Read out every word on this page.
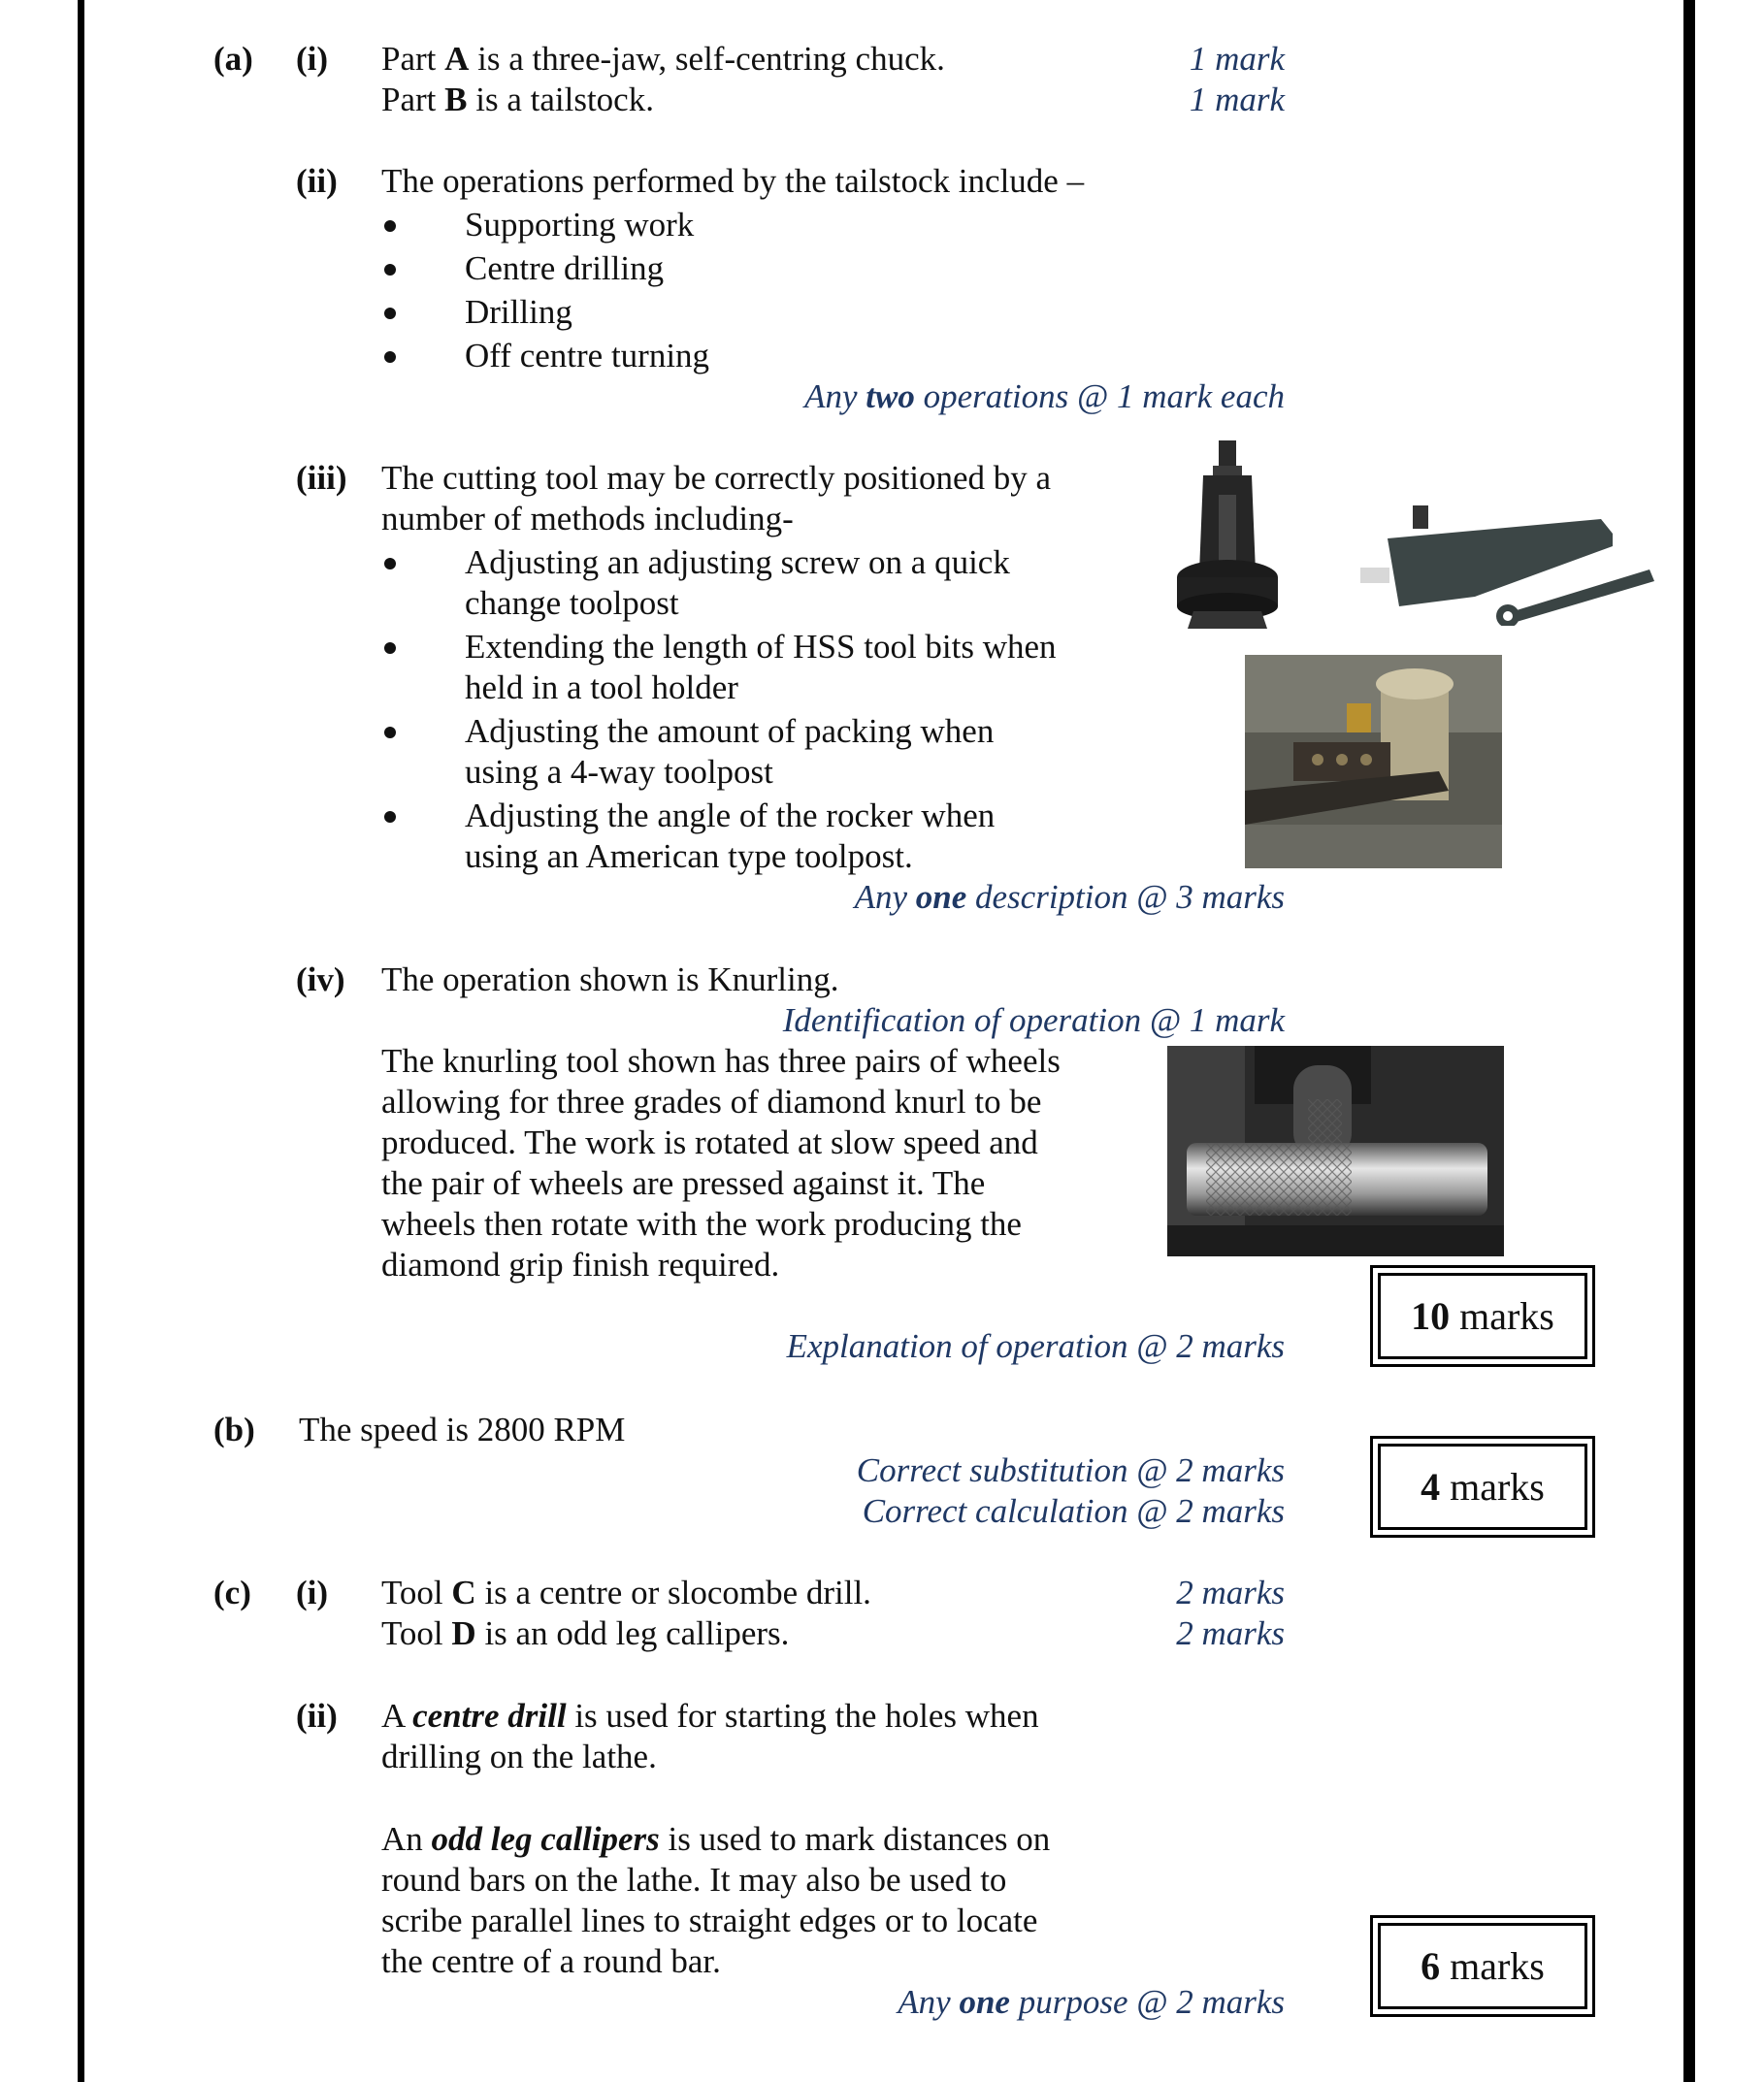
(a) (i) Part A is a three-jaw, self-centring chuck.	1 mark
Part B is a tailstock.	1 mark
(ii) The operations performed by the tailstock include –
Supporting work
Centre drilling
Drilling
Off centre turning
Any two operations @ 1 mark each
(iii) The cutting tool may be correctly positioned by a
number of methods including-
Adjusting an adjusting screw on a quick
change toolpost
Extending the length of HSS tool bits when
held in a tool holder
Adjusting the amount of packing when
using a 4-way toolpost
Adjusting the angle of the rocker when
using an American type toolpost.
Any one description @ 3 marks
(iv) The operation shown is Knurling.
Identification of operation @ 1 mark
The knurling tool shown has three pairs of wheels
allowing for three grades of diamond knurl to be
produced. The work is rotated at slow speed and
the pair of wheels are pressed against it. The
wheels then rotate with the work producing the
diamond grip finish required.
Explanation of operation @ 2 marks
10 marks
(b) The speed is 2800 RPM
Correct substitution @ 2 marks
Correct calculation @ 2 marks
4 marks
(c) (i) Tool C is a centre or slocombe drill.	2 marks
Tool D is an odd leg callipers.	2 marks
(ii) A centre drill is used for starting the holes when
drilling on the lathe.
An odd leg callipers is used to mark distances on
round bars on the lathe. It may also be used to
scribe parallel lines to straight edges or to locate
the centre of a round bar.
Any one purpose @ 2 marks
6 marks
